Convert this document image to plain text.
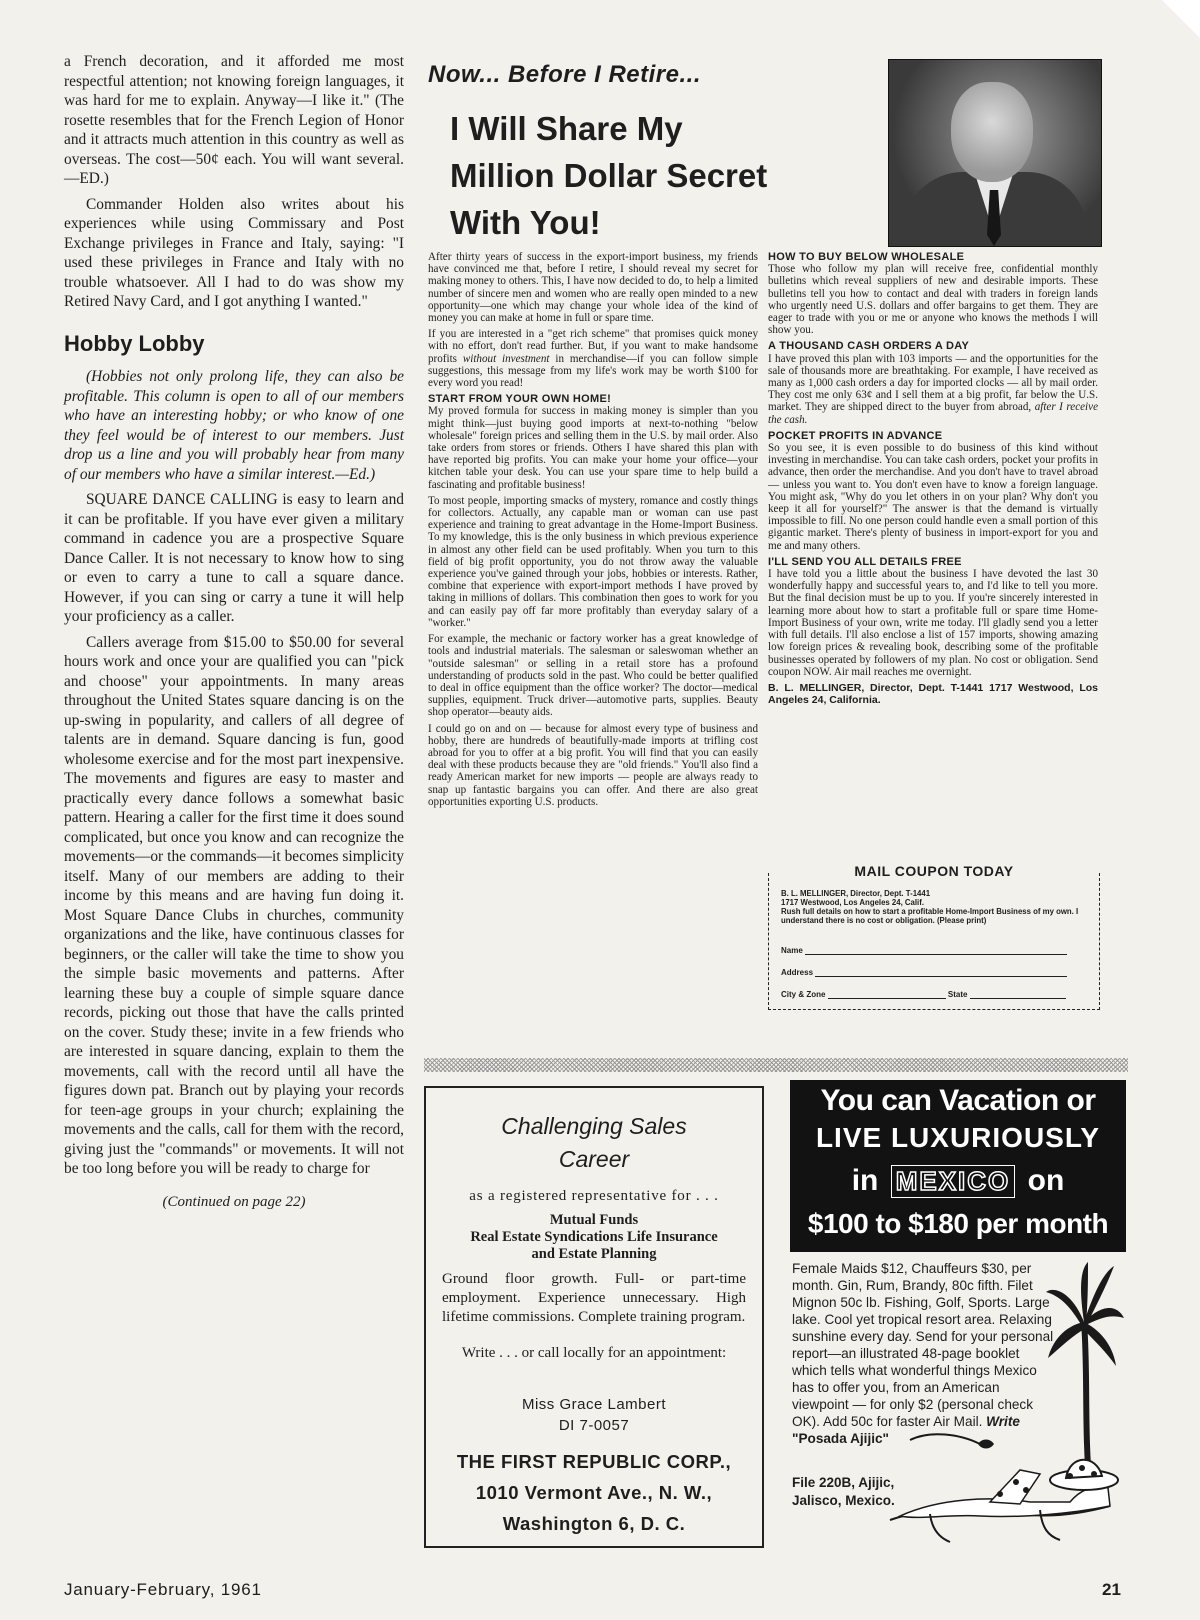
a French decoration, and it afforded me most respectful attention; not knowing foreign languages, it was hard for me to explain. Anyway—I like it." (The rosette resembles that for the French Legion of Honor and it attracts much attention in this country as well as overseas. The cost—50¢ each. You will want several.—ED.)

Commander Holden also writes about his experiences while using Commissary and Post Exchange privileges in France and Italy, saying: "I used these privileges in France and Italy with no trouble whatsoever. All I had to do was show my Retired Navy Card, and I got anything I wanted."

Hobby Lobby

(Hobbies not only prolong life, they can also be profitable. This column is open to all of our members who have an interesting hobby; or who know of one they feel would be of interest to our members. Just drop us a line and you will probably hear from many of our members who have a similar interest.—Ed.)

SQUARE DANCE CALLING is easy to learn and it can be profitable. If you have ever given a military command in cadence you are a prospective Square Dance Caller. It is not necessary to know how to sing or even to carry a tune to call a square dance. However, if you can sing or carry a tune it will help your proficiency as a caller.

Callers average from $15.00 to $50.00 for several hours work and once your are qualified you can "pick and choose" your appointments. In many areas throughout the United States square dancing is on the up-swing in popularity, and callers of all degree of talents are in demand. Square dancing is fun, good wholesome exercise and for the most part inexpensive. The movements and figures are easy to master and practically every dance follows a somewhat basic pattern. Hearing a caller for the first time it does sound complicated, but once you know and can recognize the movements—or the commands—it becomes simplicity itself. Many of our members are adding to their income by this means and are having fun doing it. Most Square Dance Clubs in churches, community organizations and the like, have continuous classes for beginners, or the caller will take the time to show you the simple basic movements and patterns. After learning these buy a couple of simple square dance records, picking out those that have the calls printed on the cover. Study these; invite in a few friends who are interested in square dancing, explain to them the movements, call with the record until all have the figures down pat. Branch out by playing your records for teen-age groups in your church; explaining the movements and the calls, call for them with the record, giving just the "commands" or movements. It will not be too long before you will be ready to charge for

(Continued on page 22)
Now... Before I Retire...
I Will Share My
Million Dollar Secret
With You!

After thirty years of success in the export-import business, my friends have convinced me that, before I retire, I should reveal my secret for making money to others. This, I have now decided to do, to help a limited number of sincere men and women who are really open minded to a new opportunity—one which may change your whole idea of the kind of money you can make at home in full or spare time.

If you are interested in a "get rich scheme" that promises quick money with no effort, don't read further. But, if you want to make handsome profits without investment in merchandise—if you can follow simple suggestions, this message from my life's work may be worth $100 for every word you read!

START FROM YOUR OWN HOME!

My proved formula for success in making money is simpler than you might think—just buying good imports at next-to-nothing "below wholesale" foreign prices and selling them in the U.S. by mail order. Also take orders from stores or friends. Others I have shared this plan with have reported big profits. You can make your home your office—your kitchen table your desk. You can use your spare time to help build a fascinating and profitable business!

To most people, importing smacks of mystery, romance and costly things for collectors. Actually, any capable man or woman can use past experience and training to great advantage in the Home-Import Business. To my knowledge, this is the only business in which previous experience in almost any other field can be used profitably. When you turn to this field of big profit opportunity, you do not throw away the valuable experience you've gained through your jobs, hobbies or interests. Rather, combine that experience with export-import methods I have proved by taking in millions of dollars. This combination then goes to work for you and can easily pay off far more profitably than everyday salary of a "worker."

For example, the mechanic or factory worker has a great knowledge of tools and industrial materials. The salesman or saleswoman whether an "outside salesman" or selling in a retail store has a profound understanding of products sold in the past. Who could be better qualified to deal in office equipment than the office worker? The doctor—medical supplies, equipment. Truck driver—automotive parts, supplies. Beauty shop operator—beauty aids.

I could go on and on — because for almost every type of business and hobby, there are hundreds of beautifully-made imports at trifling cost abroad for you to offer at a big profit. You will find that you can easily deal with these products because they are "old friends." You'll also find a ready American market for new imports — people are always ready to snap up fantastic bargains you can offer. And there are also great opportunities exporting U.S. products.

HOW TO BUY BELOW WHOLESALE

Those who follow my plan will receive free, confidential monthly bulletins which reveal suppliers of new and desirable imports. These bulletins tell you how to contact and deal with traders in foreign lands who urgently need U.S. dollars and offer bargains to get them. They are eager to trade with you or me or anyone who knows the methods I will show you.

A THOUSAND CASH ORDERS A DAY

I have proved this plan with 103 imports — and the opportunities for the sale of thousands more are breathtaking. For example, I have received as many as 1,000 cash orders a day for imported clocks — all by mail order. They cost me only 63¢ and I sell them at a big profit, far below the U.S. market. They are shipped direct to the buyer from abroad, after I receive the cash.

POCKET PROFITS IN ADVANCE

So you see, it is even possible to do business of this kind without investing in merchandise. You can take cash orders, pocket your profits in advance, then order the merchandise. And you don't have to travel abroad — unless you want to. You don't even have to know a foreign language. You might ask, "Why do you let others in on your plan? Why don't you keep it all for yourself?" The answer is that the demand is virtually impossible to fill. No one person could handle even a small portion of this gigantic market. There's plenty of business in import-export for you and me and many others.

I'LL SEND YOU ALL DETAILS FREE

I have told you a little about the business I have devoted the last 30 wonderfully happy and successful years to, and I'd like to tell you more. But the final decision must be up to you. If you're sincerely interested in learning more about how to start a profitable full or spare time Home-Import Business of your own, write me today. I'll gladly send you a letter with full details. I'll also enclose a list of 157 imports, showing amazing low foreign prices & revealing book, describing some of the profitable businesses operated by followers of my plan. No cost or obligation. Send coupon NOW. Air mail reaches me overnight.

B. L. MELLINGER, Director, Dept. T-1441 1717 Westwood, Los Angeles 24, California.

MAIL COUPON TODAY
B. L. MELLINGER, Director, Dept. T-1441
1717 Westwood, Los Angeles 24, Calif.
Rush full details on how to start a profitable Home-Import Business of my own. I understand there is no cost or obligation. (Please print)
Name
Address
City & Zone	State
Challenging Sales
Career
as a registered representative for . . .
Mutual Funds
Real Estate Syndications Life Insurance
and Estate Planning
Ground floor growth. Full- or part-time employment. Experience unnecessary. High lifetime commissions. Complete training program.
Write . . . or call locally for an appointment:
Miss Grace Lambert
DI 7-0057
THE FIRST REPUBLIC CORP.,
1010 Vermont Ave., N. W.,
Washington 6, D. C.
You can Vacation or
LIVE LUXURIOUSLY
in MEXICO on
$100 to $180 per month
Female Maids $12, Chauffeurs $30, per month. Gin, Rum, Brandy, 80c fifth. Filet Mignon 50c lb. Fishing, Golf, Sports. Large lake. Cool yet tropical resort area. Relaxing sunshine every day. Send for your personal report—an illustrated 48-page booklet which tells what wonderful things Mexico has to offer you, from an American viewpoint — for only $2 (personal check OK). Add 50c for faster Air Mail. Write "Posada Ajijic"
File 220B, Ajijic,
Jalisco, Mexico.
January-February, 1961	21
